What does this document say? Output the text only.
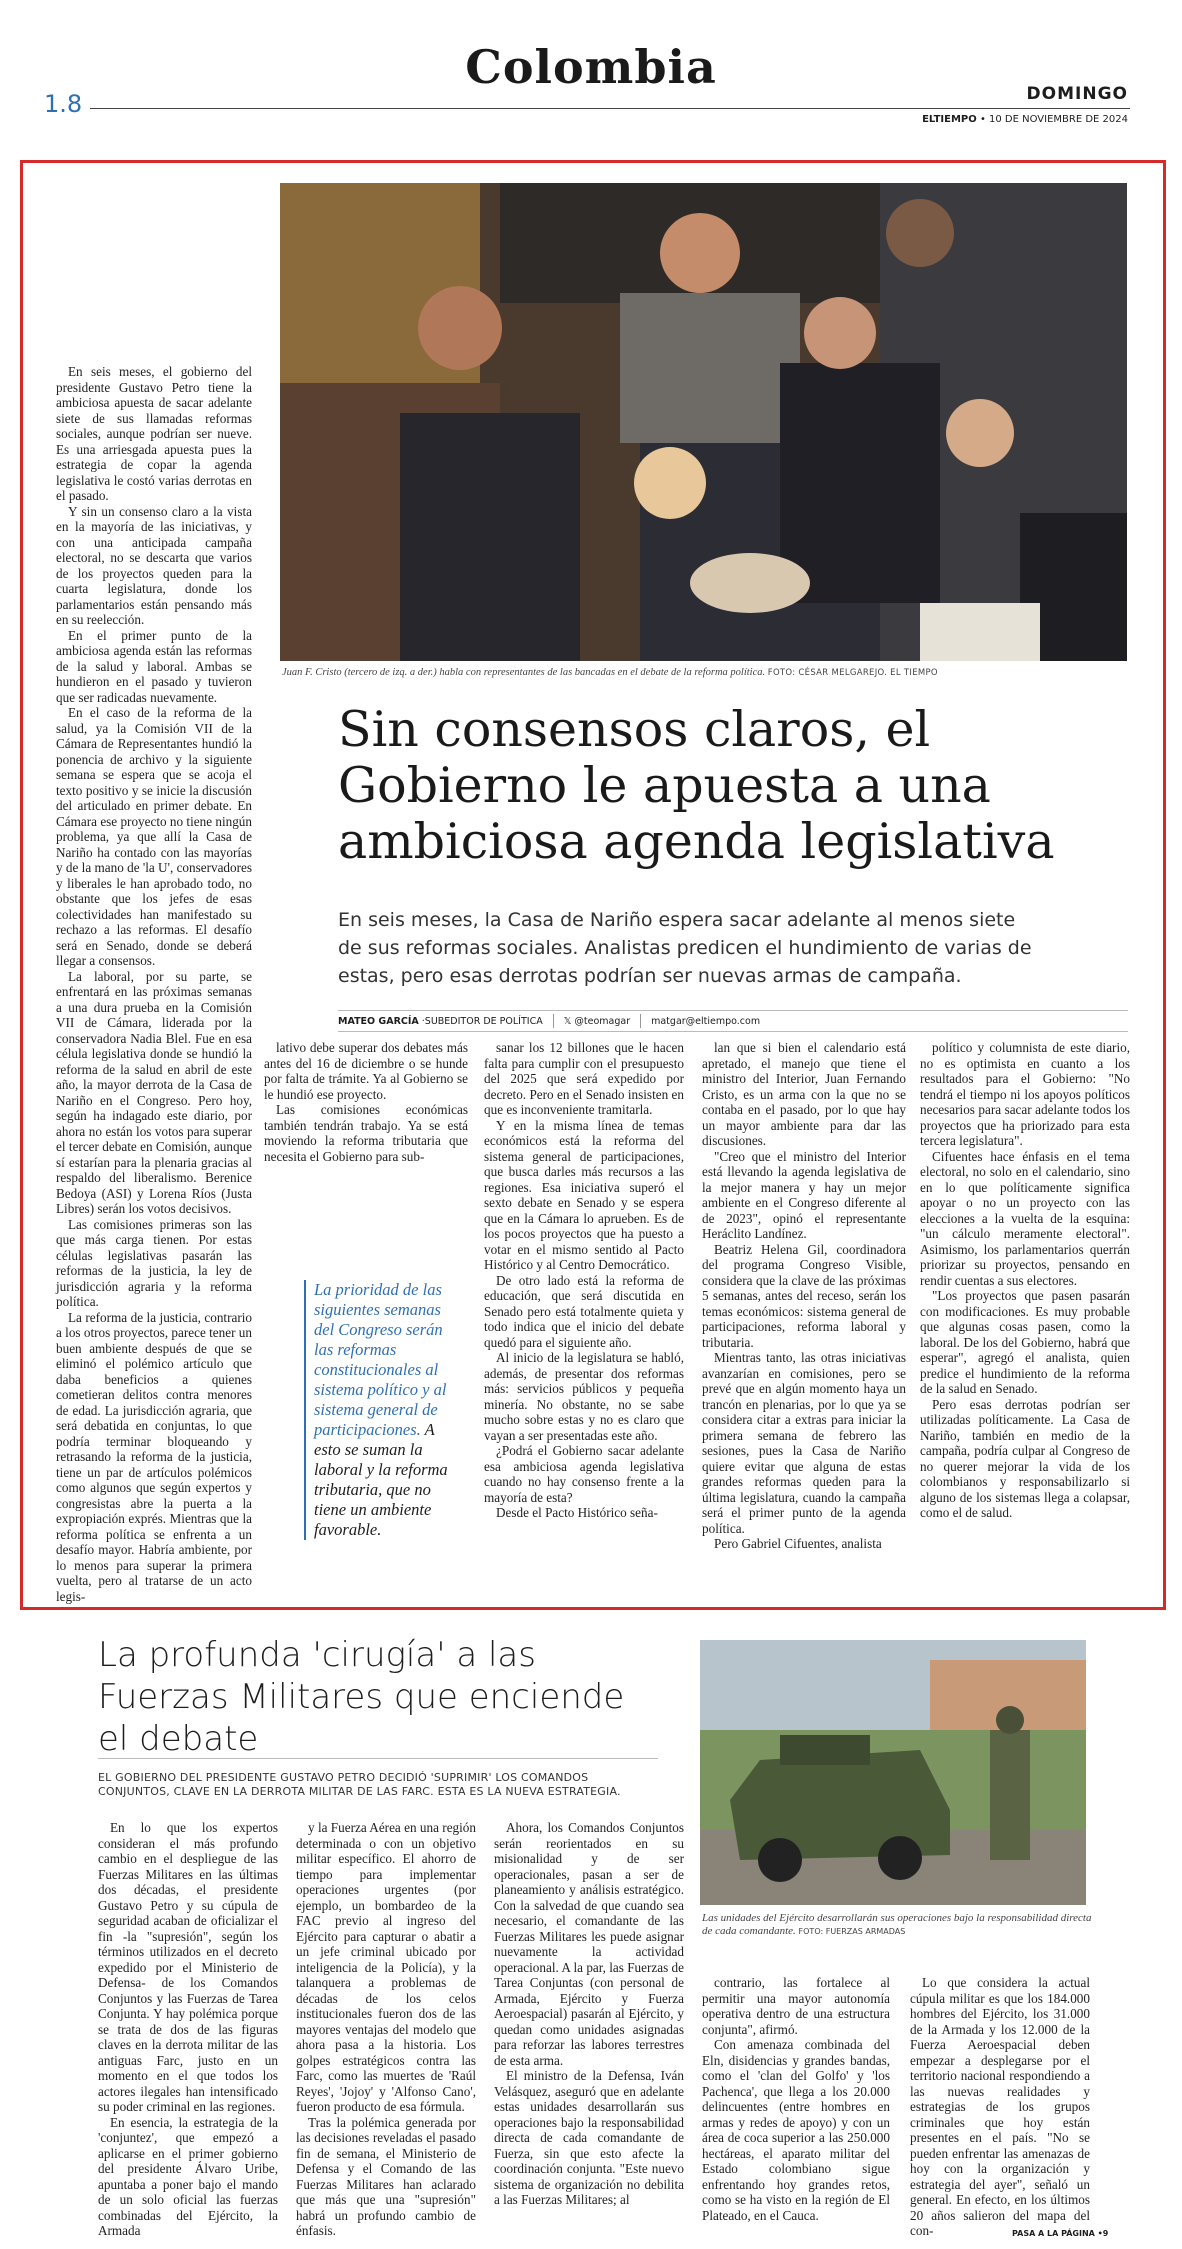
Colombia
1.8	DOMINGO
ELTIEMPO • 10 DE NOVIEMBRE DE 2024
Juan F. Cristo (tercero de izq. a der.) habla con representantes de las bancadas en el debate de la reforma política. FOTO: CÉSAR MELGAREJO. EL TIEMPO
Sin consensos claros, el Gobierno le apuesta a una ambiciosa agenda legislativa
En seis meses, la Casa de Nariño espera sacar adelante al menos siete de sus reformas sociales. Analistas predicen el hundimiento de varias de estas, pero esas derrotas podrían ser nuevas armas de campaña.
MATEO GARCÍA ·SUBEDITOR DE POLÍTICA 𝕏 @teomagar matgar@eltiempo.com

En seis meses, el gobierno del presidente Gustavo Petro tiene la ambiciosa apuesta de sacar adelante siete de sus llamadas reformas sociales, aunque podrían ser nueve. Es una arriesgada apuesta pues la estrategia de copar la agenda legislativa le costó varias derrotas en el pasado.

Y sin un consenso claro a la vista en la mayoría de las iniciativas, y con una anticipada campaña electoral, no se descarta que varios de los proyectos queden para la cuarta legislatura, donde los parlamentarios están pensando más en su reelección.

En el primer punto de la ambiciosa agenda están las reformas de la salud y laboral. Ambas se hundieron en el pasado y tuvieron que ser radicadas nuevamente.

En el caso de la reforma de la salud, ya la Comisión VII de la Cámara de Representantes hundió la ponencia de archivo y la siguiente semana se espera que se acoja el texto positivo y se inicie la discusión del articulado en primer debate. En Cámara ese proyecto no tiene ningún problema, ya que allí la Casa de Nariño ha contado con las mayorías y de la mano de 'la U', conservadores y liberales le han aprobado todo, no obstante que los jefes de esas colectividades han manifestado su rechazo a las reformas. El desafío será en Senado, donde se deberá llegar a consensos.

La laboral, por su parte, se enfrentará en las próximas semanas a una dura prueba en la Comisión VII de Cámara, liderada por la conservadora Nadia Blel. Fue en esa célula legislativa donde se hundió la reforma de la salud en abril de este año, la mayor derrota de la Casa de Nariño en el Congreso. Pero hoy, según ha indagado este diario, por ahora no están los votos para superar el tercer debate en Comisión, aunque sí estarían para la plenaria gracias al respaldo del liberalismo. Berenice Bedoya (ASI) y Lorena Ríos (Justa Libres) serán los votos decisivos.

Las comisiones primeras son las que más carga tienen. Por estas células legislativas pasarán las reformas de la justicia, la ley de jurisdicción agraria y la reforma política.

La reforma de la justicia, contrario a los otros proyectos, parece tener un buen ambiente después de que se eliminó el polémico artículo que daba beneficios a quienes cometieran delitos contra menores de edad. La jurisdicción agraria, que será debatida en conjuntas, lo que podría terminar bloqueando y retrasando la reforma de la justicia, tiene un par de artículos polémicos como algunos que según expertos y congresistas abre la puerta a la expropiación exprés. Mientras que la reforma política se enfrenta a un desafío mayor. Habría ambiente, por lo menos para superar la primera vuelta, pero al tratarse de un acto legis-

lativo debe superar dos debates más antes del 16 de diciembre o se hunde por falta de trámite. Ya al Gobierno se le hundió ese proyecto.

Las comisiones económicas también tendrán trabajo. Ya se está moviendo la reforma tributaria que necesita el Gobierno para sub-

La prioridad de las siguientes semanas del Congreso serán las reformas constitucionales al sistema político y al sistema general de participaciones. A esto se suman la laboral y la reforma tributaria, que no tiene un ambiente favorable.

sanar los 12 billones que le hacen falta para cumplir con el presupuesto del 2025 que será expedido por decreto. Pero en el Senado insisten en que es inconveniente tramitarla.

Y en la misma línea de temas económicos está la reforma del sistema general de participaciones, que busca darles más recursos a las regiones. Esa iniciativa superó el sexto debate en Senado y se espera que en la Cámara lo aprueben. Es de los pocos proyectos que ha puesto a votar en el mismo sentido al Pacto Histórico y al Centro Democrático.

De otro lado está la reforma de educación, que será discutida en Senado pero está totalmente quieta y todo indica que el inicio del debate quedó para el siguiente año.

Al inicio de la legislatura se habló, además, de presentar dos reformas más: servicios públicos y pequeña minería. No obstante, no se sabe mucho sobre estas y no es claro que vayan a ser presentadas este año.

¿Podrá el Gobierno sacar adelante esa ambiciosa agenda legislativa cuando no hay consenso frente a la mayoría de esta?

Desde el Pacto Histórico seña-

lan que si bien el calendario está apretado, el manejo que tiene el ministro del Interior, Juan Fernando Cristo, es un arma con la que no se contaba en el pasado, por lo que hay un mayor ambiente para dar las discusiones.

"Creo que el ministro del Interior está llevando la agenda legislativa de la mejor manera y hay un mejor ambiente en el Congreso diferente al de 2023", opinó el representante Heráclito Landínez.

Beatriz Helena Gil, coordinadora del programa Congreso Visible, considera que la clave de las próximas 5 semanas, antes del receso, serán los temas económicos: sistema general de participaciones, reforma laboral y tributaria.

Mientras tanto, las otras iniciativas avanzarían en comisiones, pero se prevé que en algún momento haya un trancón en plenarias, por lo que ya se considera citar a extras para iniciar la primera semana de febrero las sesiones, pues la Casa de Nariño quiere evitar que alguna de estas grandes reformas queden para la última legislatura, cuando la campaña será el primer punto de la agenda política.

Pero Gabriel Cifuentes, analista

político y columnista de este diario, no es optimista en cuanto a los resultados para el Gobierno: "No tendrá el tiempo ni los apoyos políticos necesarios para sacar adelante todos los proyectos que ha priorizado para esta tercera legislatura".

Cifuentes hace énfasis en el tema electoral, no solo en el calendario, sino en lo que políticamente significa apoyar o no un proyecto con las elecciones a la vuelta de la esquina: "un cálculo meramente electoral". Asimismo, los parlamentarios querrán priorizar su proyectos, pensando en rendir cuentas a sus electores.

"Los proyectos que pasen pasarán con modificaciones. Es muy probable que algunas cosas pasen, como la laboral. De los del Gobierno, habrá que esperar", agregó el analista, quien predice el hundimiento de la reforma de la salud en Senado.

Pero esas derrotas podrían ser utilizadas políticamente. La Casa de Nariño, también en medio de la campaña, podría culpar al Congreso de no querer mejorar la vida de los colombianos y responsabilizarlo si alguno de los sistemas llega a colapsar, como el de salud.

La profunda 'cirugía' a las Fuerzas Militares que enciende el debate
EL GOBIERNO DEL PRESIDENTE GUSTAVO PETRO DECIDIÓ 'SUPRIMIR' LOS COMANDOS CONJUNTOS, CLAVE EN LA DERROTA MILITAR DE LAS FARC. ESTA ES LA NUEVA ESTRATEGIA.
Las unidades del Ejército desarrollarán sus operaciones bajo la responsabilidad directa de cada comandante. FOTO: FUERZAS ARMADAS

En lo que los expertos consideran el más profundo cambio en el despliegue de las Fuerzas Militares en las últimas dos décadas, el presidente Gustavo Petro y su cúpula de seguridad acaban de oficializar el fin -la "supresión", según los términos utilizados en el decreto expedido por el Ministerio de Defensa- de los Comandos Conjuntos y las Fuerzas de Tarea Conjunta. Y hay polémica porque se trata de dos de las figuras claves en la derrota militar de las antiguas Farc, justo en un momento en el que todos los actores ilegales han intensificado su poder criminal en las regiones.

En esencia, la estrategia de la 'conjuntez', que empezó a aplicarse en el primer gobierno del presidente Álvaro Uribe, apuntaba a poner bajo el mando de un solo oficial las fuerzas combinadas del Ejército, la Armada

y la Fuerza Aérea en una región determinada o con un objetivo militar específico. El ahorro de tiempo para implementar operaciones urgentes (por ejemplo, un bombardeo de la FAC previo al ingreso del Ejército para capturar o abatir a un jefe criminal ubicado por inteligencia de la Policía), y la talanquera a problemas de décadas de los celos institucionales fueron dos de las mayores ventajas del modelo que ahora pasa a la historia. Los golpes estratégicos contra las Farc, como las muertes de 'Raúl Reyes', 'Jojoy' y 'Alfonso Cano', fueron producto de esa fórmula.

Tras la polémica generada por las decisiones reveladas el pasado fin de semana, el Ministerio de Defensa y el Comando de las Fuerzas Militares han aclarado que más que una "supresión" habrá un profundo cambio de énfasis.

Ahora, los Comandos Conjuntos serán reorientados en su misionalidad y de ser operacionales, pasan a ser de planeamiento y análisis estratégico. Con la salvedad de que cuando sea necesario, el comandante de las Fuerzas Militares les puede asignar nuevamente la actividad operacional. A la par, las Fuerzas de Tarea Conjuntas (con personal de Armada, Ejército y Fuerza Aeroespacial) pasarán al Ejército, y quedan como unidades asignadas para reforzar las labores terrestres de esta arma.

El ministro de la Defensa, Iván Velásquez, aseguró que en adelante estas unidades desarrollarán sus operaciones bajo la responsabilidad directa de cada comandante de Fuerza, sin que esto afecte la coordinación conjunta. "Este nuevo sistema de organización no debilita a las Fuerzas Militares; al

contrario, las fortalece al permitir una mayor autonomía operativa dentro de una estructura conjunta", afirmó.

Con amenaza combinada del Eln, disidencias y grandes bandas, como el 'clan del Golfo' y 'los Pachenca', que llega a los 20.000 delincuentes (entre hombres en armas y redes de apoyo) y con un área de coca superior a las 250.000 hectáreas, el aparato militar del Estado colombiano sigue enfrentando hoy grandes retos, como se ha visto en la región de El Plateado, en el Cauca.

Lo que considera la actual cúpula militar es que los 184.000 hombres del Ejército, los 31.000 de la Armada y los 12.000 de la Fuerza Aeroespacial deben empezar a desplegarse por el territorio nacional respondiendo a las nuevas realidades y estrategias de los grupos criminales que hoy están presentes en el país. "No se pueden enfrentar las amenazas de hoy con la organización y estrategia del ayer", señaló un general. En efecto, en los últimos 20 años salieron del mapa del con-	PASA A LA PÁGINA •9
